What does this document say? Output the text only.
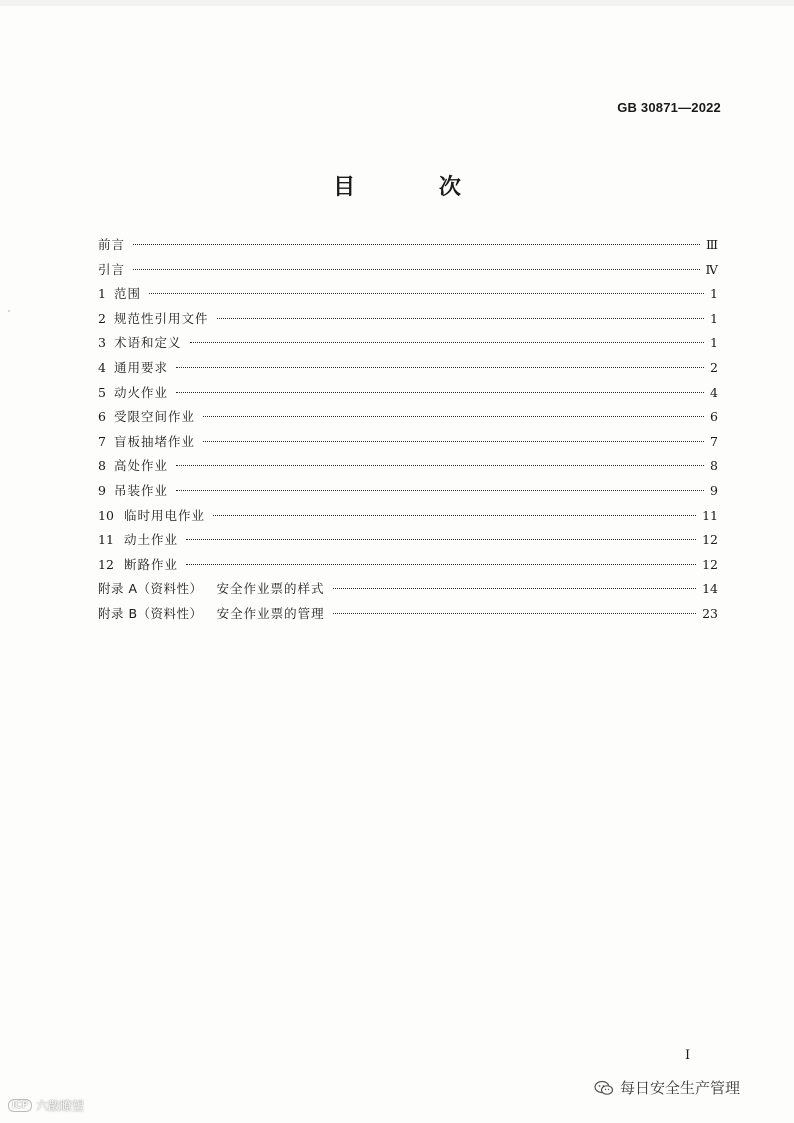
GB 30871—2022
目 次
前言	Ⅲ
引言	Ⅳ
1 范围	1
2 规范性引用文件	1
3 术语和定义	1
4 通用要求	2
5 动火作业	4
6 受限空间作业	6
7 盲板抽堵作业	7
8 高处作业	8
9 吊装作业	9
10 临时用电作业	11
11 动土作业	12
12 断路作业	12
附录 A（资料性） 安全作业票的样式	14
附录 B（资料性） 安全作业票的管理	23
Ⅰ
每日安全生产管理
ICP 六散瞭望
